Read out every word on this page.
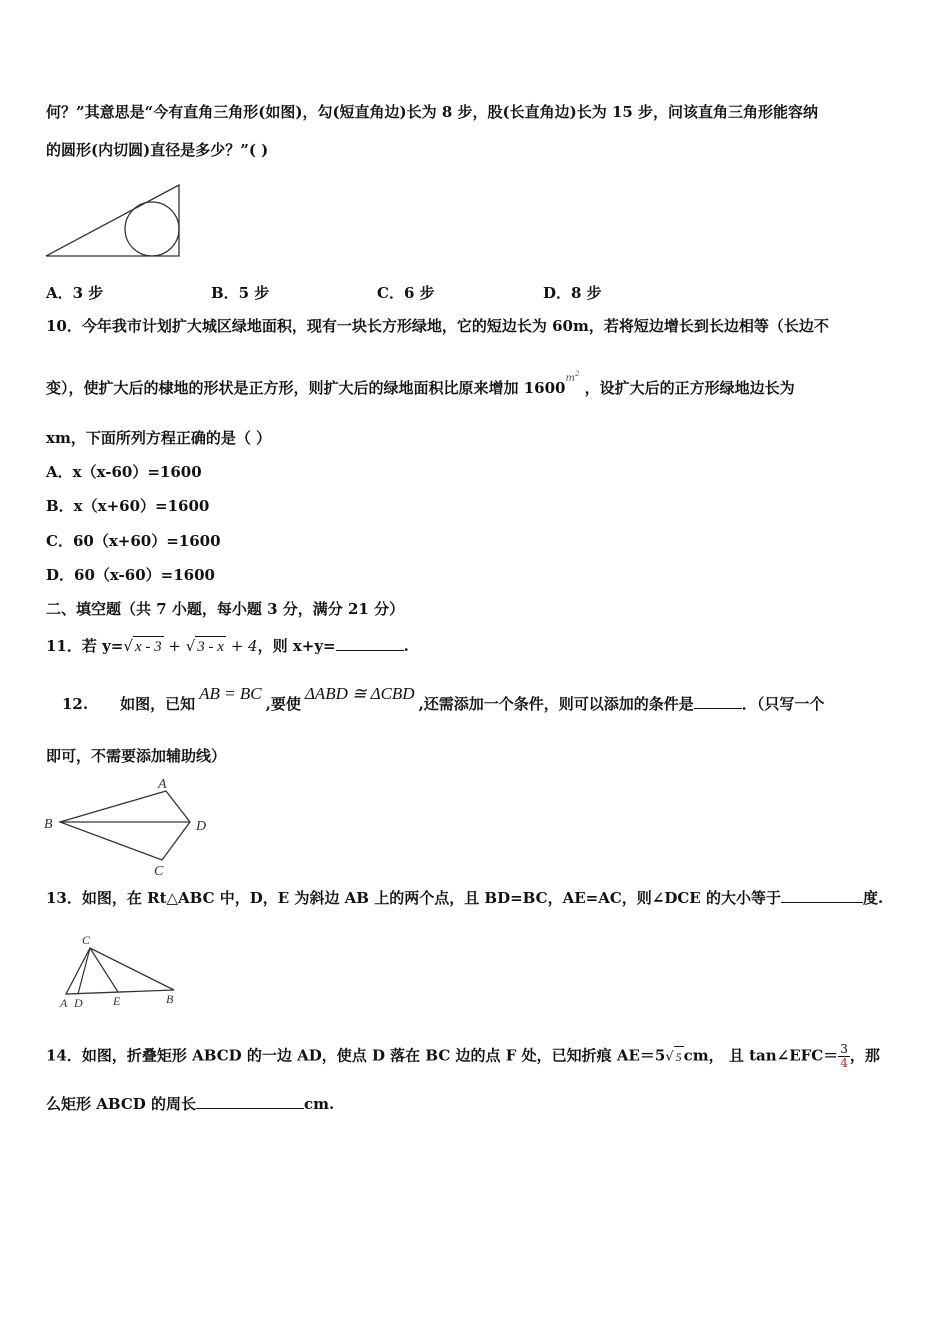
何？”其意思是“今有直角三角形(如图)，勾(短直角边)长为 8 步，股(长直角边)长为 15 步，问该直角三角形能容纳
的圆形(内切圆)直径是多少？”( )
A．3 步	B．5 步	C．6 步	D．8 步
10．今年我市计划扩大城区绿地面积，现有一块长方形绿地，它的短边长为 60m，若将短边增长到长边相等（长边不
变），使扩大后的棣地的形状是正方形，则扩大后的绿地面积比原来增加 $1600^{m^2}$ ，设扩大后的正方形绿地边长为
xm，下面所列方程正确的是（ ）
A．x（x-60）=1600
B．x（x+60）=1600
C．60（x+60）=1600
D．60（x-60）=1600
二、填空题（共 7 小题，每小题 3 分，满分 21 分）
11．若 y=√ x - 3 + √ 3 - x + 4，则 x+y=	.
12. 如图，已知AB = BC,要使ΔABD ≅ ΔCBD,还需添加一个条件，则可以添加的条件是	．（只写一个
即可，不需要添加辅助线）
A
B	D
C
13．如图，在 Rt△ABC 中，D，E 为斜边 AB 上的两个点，且 BD=BC，AE=AC，则∠DCE 的大小等于	度.
C
A D	E	B
14．如图，折叠矩形 ABCD 的一边 AD，使点 D 落在 BC 边的点 F 处，已知折痕 AE＝5√ 5 cm， 且 tan∠EFC＝ $\frac{3}{4}$ ，那
么矩形 ABCD 的周长	cm.
